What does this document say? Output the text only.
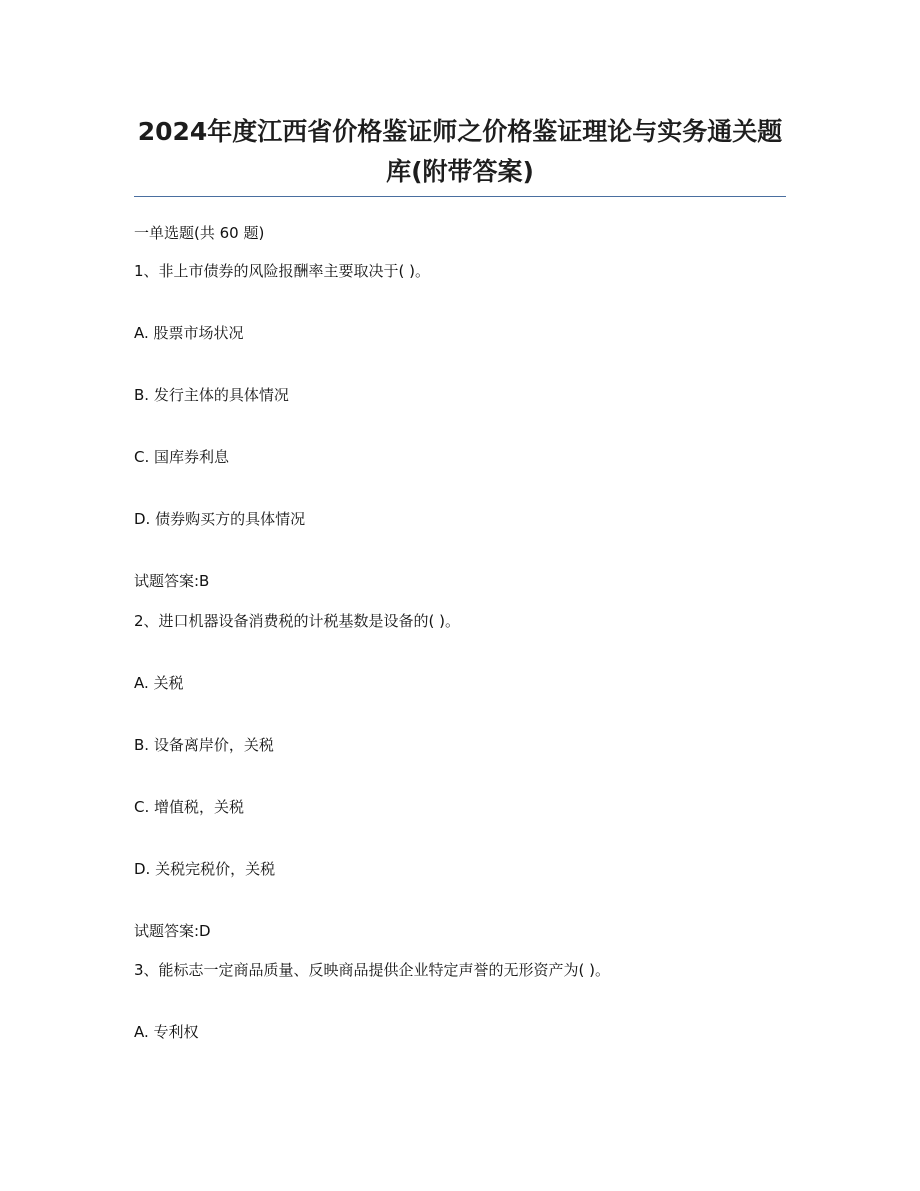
2024年度江西省价格鉴证师之价格鉴证理论与实务通关题库(附带答案)
一单选题(共 60 题)
1、非上市债券的风险报酬率主要取决于( )。
A. 股票市场状况
B. 发行主体的具体情况
C. 国库券利息
D. 债券购买方的具体情况
试题答案:B
2、进口机器设备消费税的计税基数是设备的( )。
A. 关税
B. 设备离岸价，关税
C. 增值税，关税
D. 关税完税价，关税
试题答案:D
3、能标志一定商品质量、反映商品提供企业特定声誉的无形资产为( )。
A. 专利权
